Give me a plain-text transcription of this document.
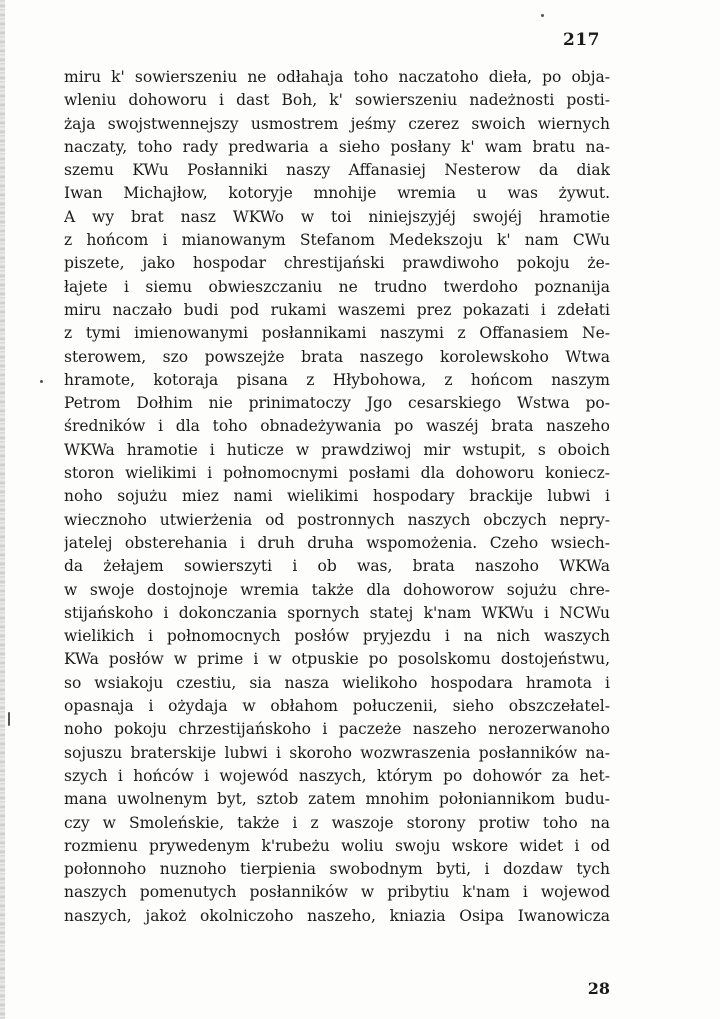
217
miru k' sowierszeniu ne odłahaja toho naczatoho dieła, po obja-
wleniu dohoworu i dast Boh, k' sowierszeniu nadeżnosti posti-
żaja swojstwennejszy usmostrem jeśmy czerez swoich wiernych
naczaty, toho rady predwaria a sieho posłany k' wam bratu na-
szemu KWu Posłanniki naszy Affanasiej Nesterow da diak
Iwan Michajłow, kotoryje mnohije wremia u was żywut.
A wy brat nasz WKWo w toi niniejszyjéj swojéj hramotie
z hońcom i mianowanym Stefanom Medekszoju k' nam CWu
piszete, jako hospodar chrestijański prawdiwoho pokoju że-
łajete i siemu obwieszczaniu ne trudno twerdoho poznanija
miru naczało budi pod rukami waszemi prez pokazati i zdełati
z tymi imienowanymi posłannikami naszymi z Offanasiem Ne-
sterowem, szo powszejże brata naszego korolewskoho Wtwa
hramote, kotoraja pisana z Hłybohowa, z hońcom naszym
Petrom Dołhim nie prinimatoczy Jgo cesarskiego Wstwa po-
średników i dla toho obnadeżywania po waszéj brata naszeho
WKWa hramotie i huticze w prawdziwoj mir wstupit, s oboich
storon wielikimi i połnomocnymi posłami dla dohoworu koniecz-
noho sojużu miez nami wielikimi hospodary brackije lubwi i
wiecznoho utwierżenia od postronnych naszych obczych nepry-
jatelej obsterehania i druh druha wspomożenia. Czeho wsiech-
da żełajem sowierszyti i ob was, brata naszoho WKWa
w swoje dostojnoje wremia także dla dohoworow sojużu chre-
stijańskoho i dokonczania spornych statej k'nam WKWu i NCWu
wielikich i połnomocnych posłów pryjezdu i na nich waszych
KWa posłów w prime i w otpuskie po posolskomu dostojeństwu,
so wsiakoju czestiu, sia nasza wielikoho hospodara hramota i
opasnaja i ożydaja w obłahom połuczenii, sieho obszczełatel-
noho pokoju chrzestijańskoho i paczeże naszeho nerozerwanoho
sojuszu braterskije lubwi i skoroho wozwraszenia posłanników na-
szych i hońców i wojewód naszych, którym po dohowór za het-
mana uwolnenym byt, sztob zatem mnohim połoniannikom budu-
czy w Smoleńskie, także i z waszoje storony protiw toho na
rozmienu prywedenym k'rubeżu woliu swoju wskore widet i od
połonnoho nuznoho tierpienia swobodnym byti, i dozdaw tych
naszych pomenutych posłanników w pribytiu k'nam i wojewod
naszych, jakoż okolniczoho naszeho, kniazia Osipa Iwanowicza
28
